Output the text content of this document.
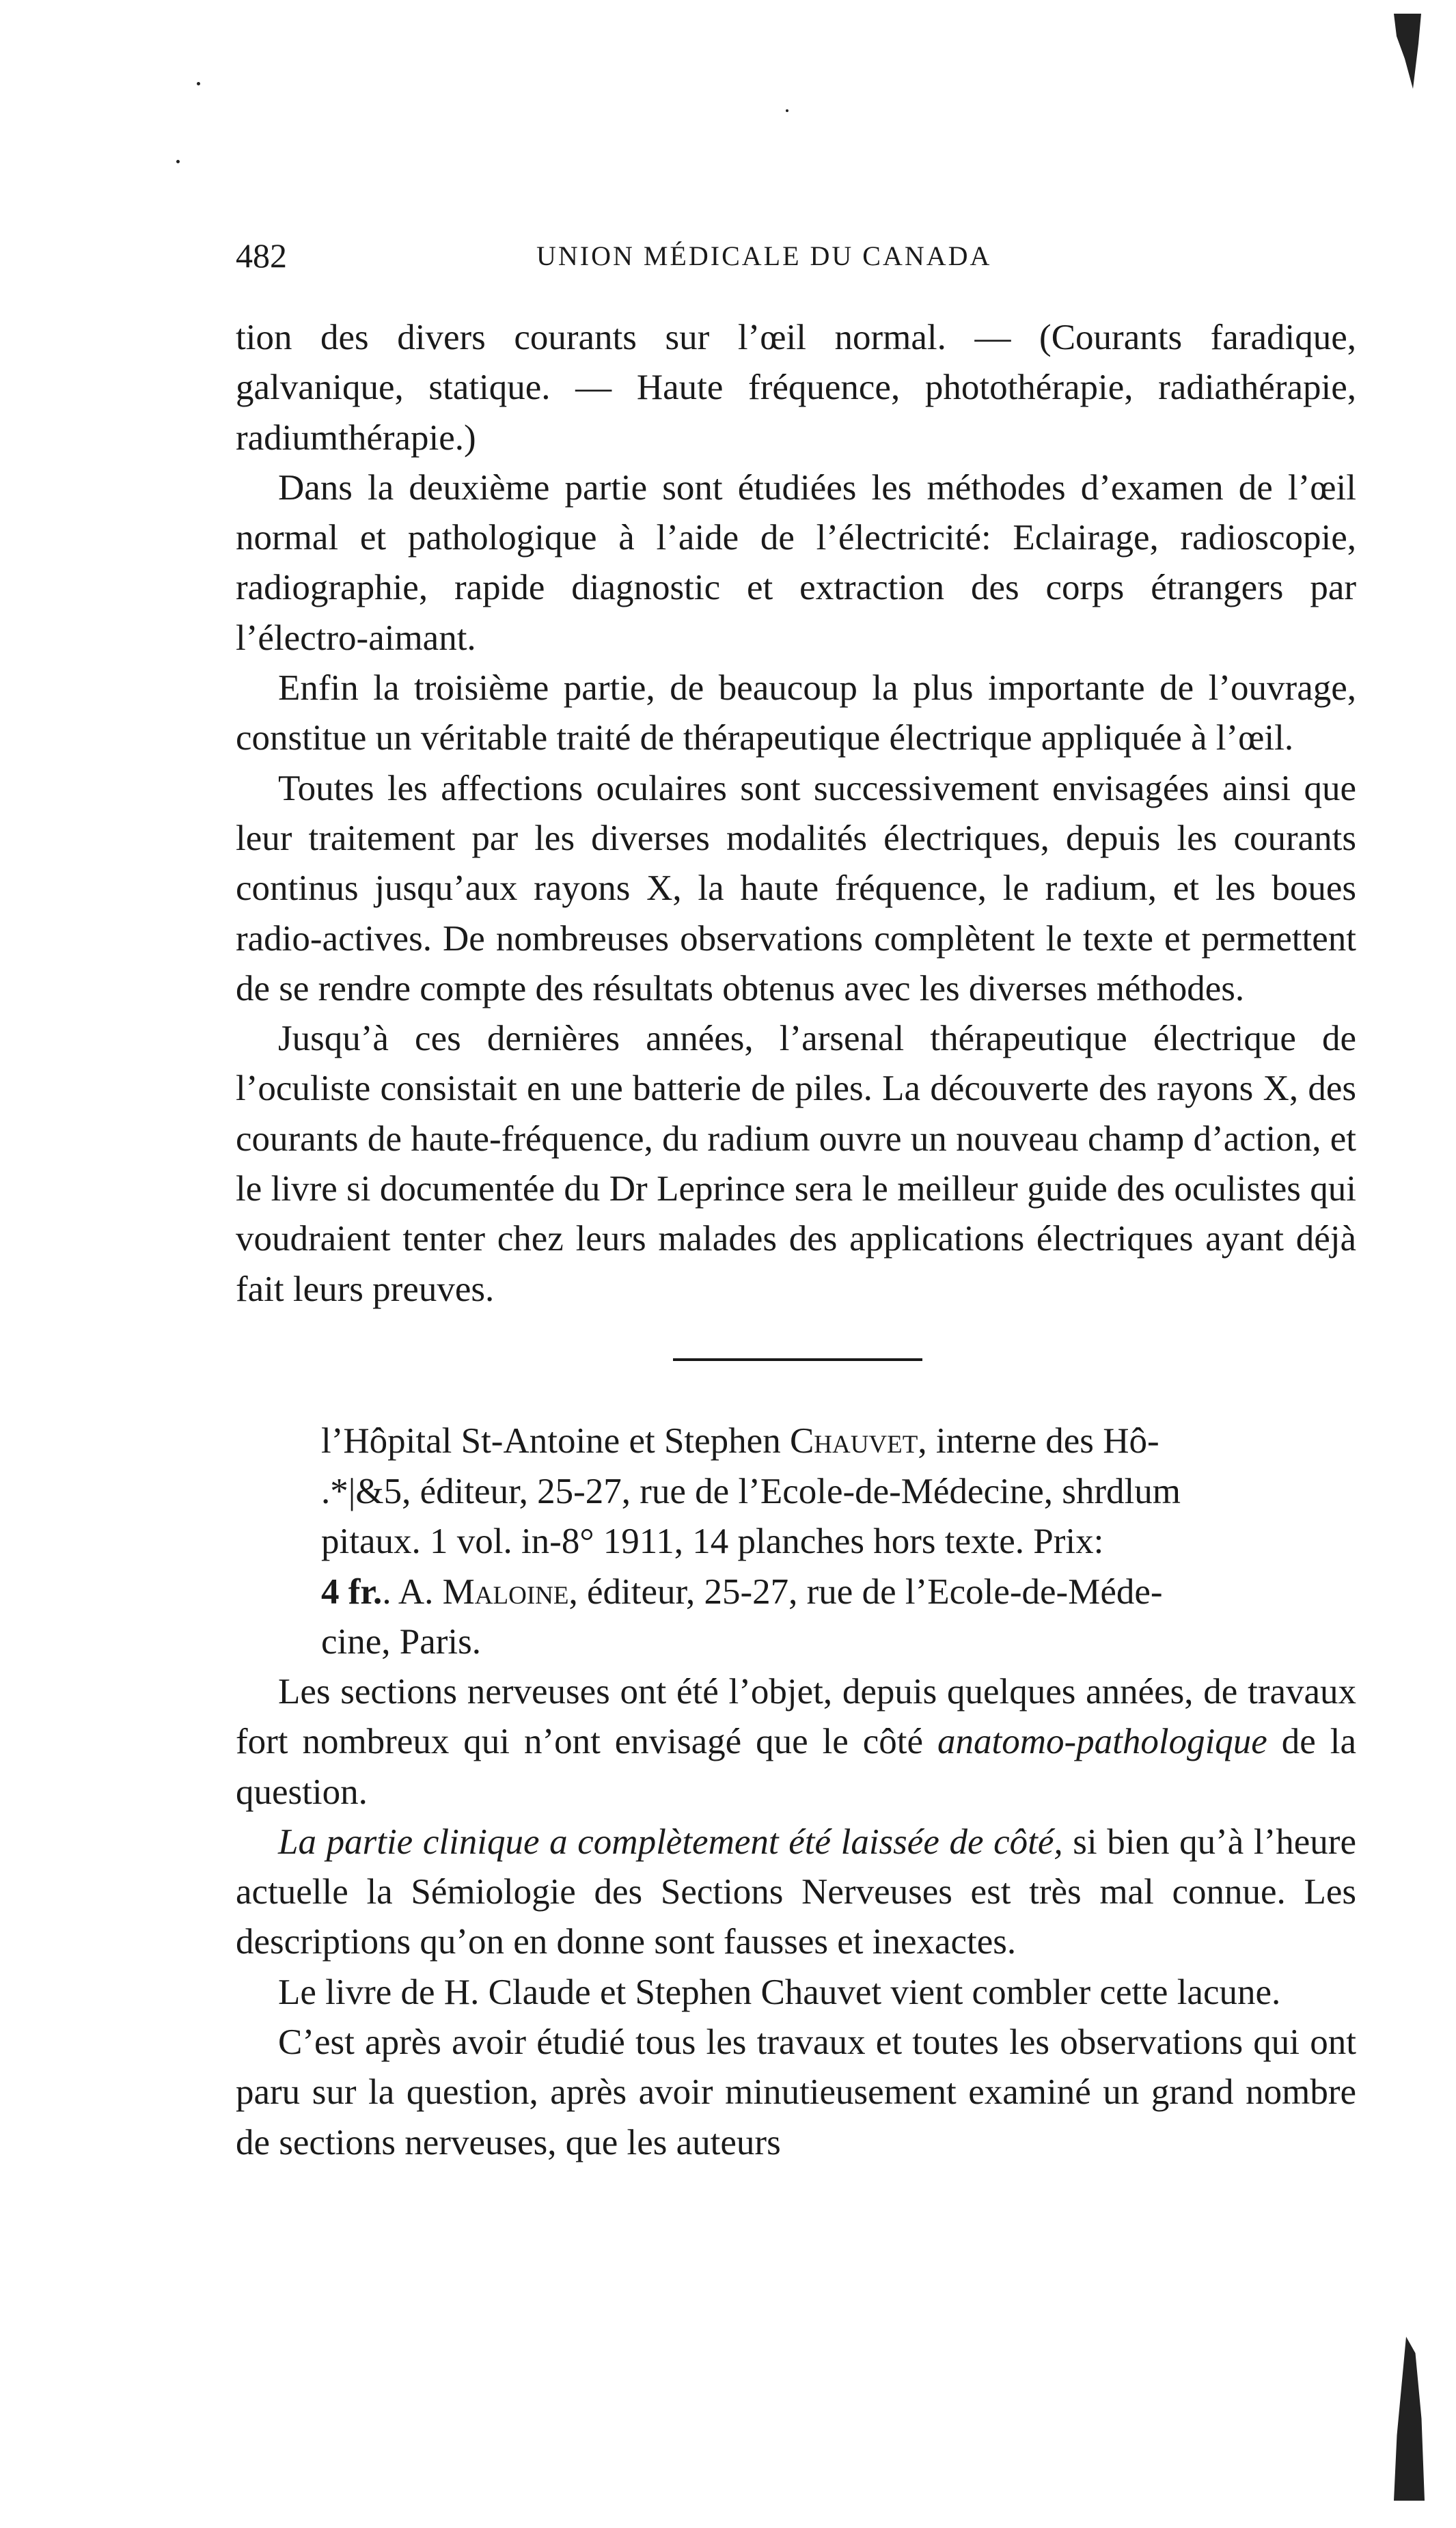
482	UNION MÉDICALE DU CANADA

tion des divers courants sur l’œil normal. — (Courants faradique, galvanique, statique. — Haute fréquence, photothérapie, radiathérapie, radiumthérapie.)

Dans la deuxième partie sont étudiées les méthodes d’examen de l’œil normal et pathologique à l’aide de l’électricité: Eclairage, radioscopie, radiographie, rapide diagnostic et extraction des corps étrangers par l’électro-aimant.

Enfin la troisième partie, de beaucoup la plus importante de l’ouvrage, constitue un véritable traité de thérapeutique électrique appliquée à l’œil.

Toutes les affections oculaires sont successivement envisagées ainsi que leur traitement par les diverses modalités électriques, depuis les courants continus jusqu’aux rayons X, la haute fréquence, le radium, et les boues radio-actives. De nombreuses observations complètent le texte et permettent de se rendre compte des résultats obtenus avec les diverses méthodes.

Jusqu’à ces dernières années, l’arsenal thérapeutique électrique de l’oculiste consistait en une batterie de piles. La découverte des rayons X, des courants de haute-fréquence, du radium ouvre un nouveau champ d’action, et le livre si documentée du Dr Leprince sera le meilleur guide des oculistes qui voudraient tenter chez leurs malades des applications électriques ayant déjà fait leurs preuves.

l’Hôpital St-Antoine et Stephen Chauvet, interne des Hô-

.*|&5, éditeur, 25-27, rue de l’Ecole-de-Médecine, shrdlum

pitaux. 1 vol. in-8° 1911, 14 planches hors texte. Prix:

4 fr.. A. Maloine, éditeur, 25-27, rue de l’Ecole-de-Méde-

cine, Paris.

Les sections nerveuses ont été l’objet, depuis quelques années, de travaux fort nombreux qui n’ont envisagé que le côté anatomo-pathologique de la question.

La partie clinique a complètement été laissée de côté, si bien qu’à l’heure actuelle la Sémiologie des Sections Nerveuses est très mal connue. Les descriptions qu’on en donne sont fausses et inexactes.

Le livre de H. Claude et Stephen Chauvet vient combler cette lacune.

C’est après avoir étudié tous les travaux et toutes les observations qui ont paru sur la question, après avoir minutieusement examiné un grand nombre de sections nerveuses, que les auteurs
